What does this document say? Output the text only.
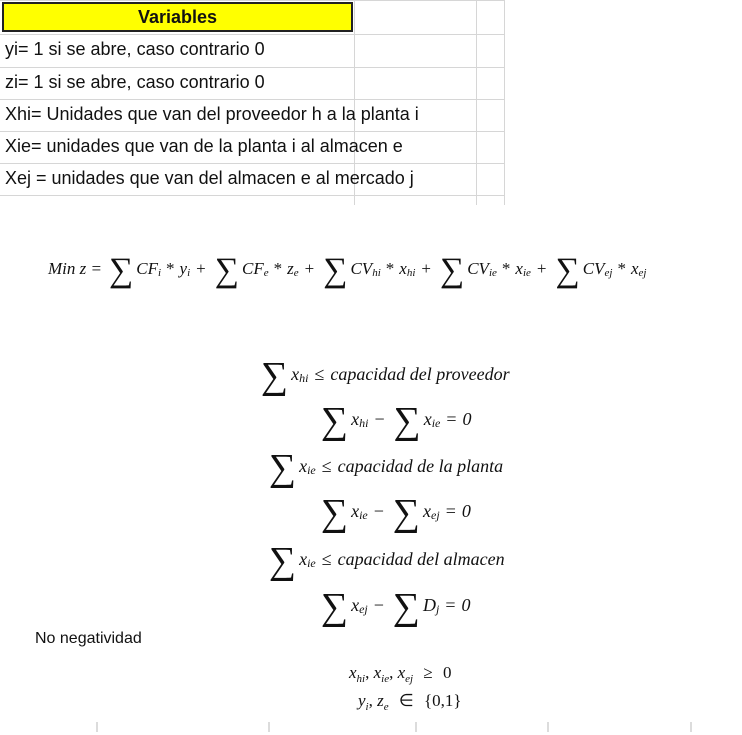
Variables
yi= 1 si se abre, caso contrario 0
zi= 1 si se abre, caso contrario 0
Xhi= Unidades que van del proveedor h a la planta i
Xie= unidades que van de la planta i al almacen e
Xej = unidades que van del almacen e al mercado j
Min z = ∑ CF i * y i + ∑ CF e * z e + ∑ CV hi * x hi + ∑ CV ie * x ie + ∑ CV ej * x ej
∑ x hi ≤ capacidad del proveedor
∑ x hi − ∑ x ie = 0
∑ x ie ≤ capacidad de la planta
∑ x ie − ∑ x ej = 0
∑ x ie ≤ capacidad del almacen
∑ x ej − ∑ D j = 0
No negatividad
$x_{hi}$, $x_{ie}$, $x_{ej} \ge 0$
$y_i$, $z_e$ ∈ {0,1}
